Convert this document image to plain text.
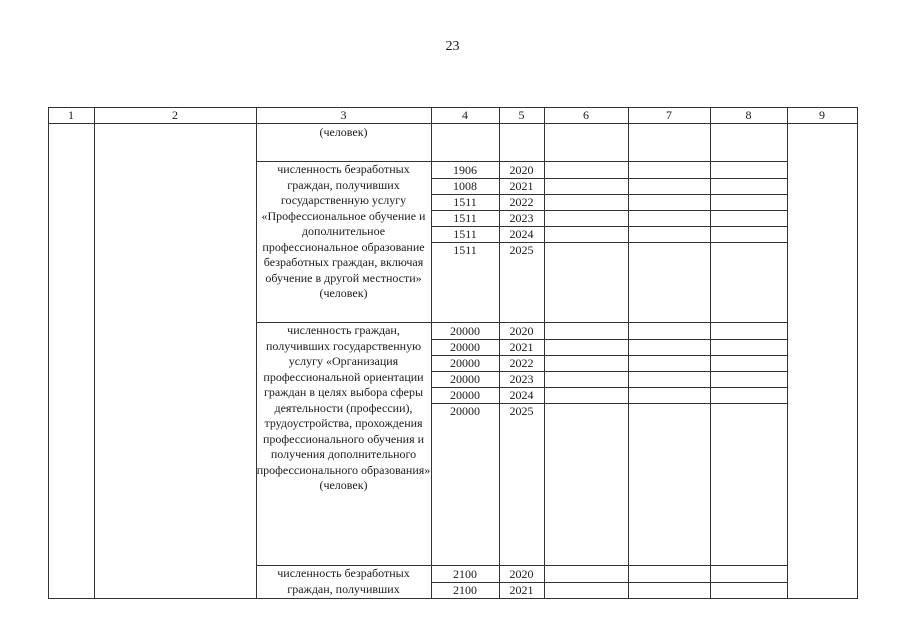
23
1	2	3	4	5	6	7	8	9
(человек)
численность безработных граждан, получивших государственную услугу «Профессиональное обучение и дополнительное профессиональное образование безработных граждан, включая обучение в другой местности» (человек)
1906	2020
1008	2021
1511	2022
1511	2023
1511	2024
1511	2025
численность граждан, получивших государственную услугу «Организация профессиональной ориентации граждан в целях выбора сферы деятельности (профессии), трудоустройства, прохождения профессионального обучения и получения дополнительного профессионального образования» (человек)
20000	2020
20000	2021
20000	2022
20000	2023
20000	2024
20000	2025
численность безработных граждан, получивших
2100	2020
2100	2021
